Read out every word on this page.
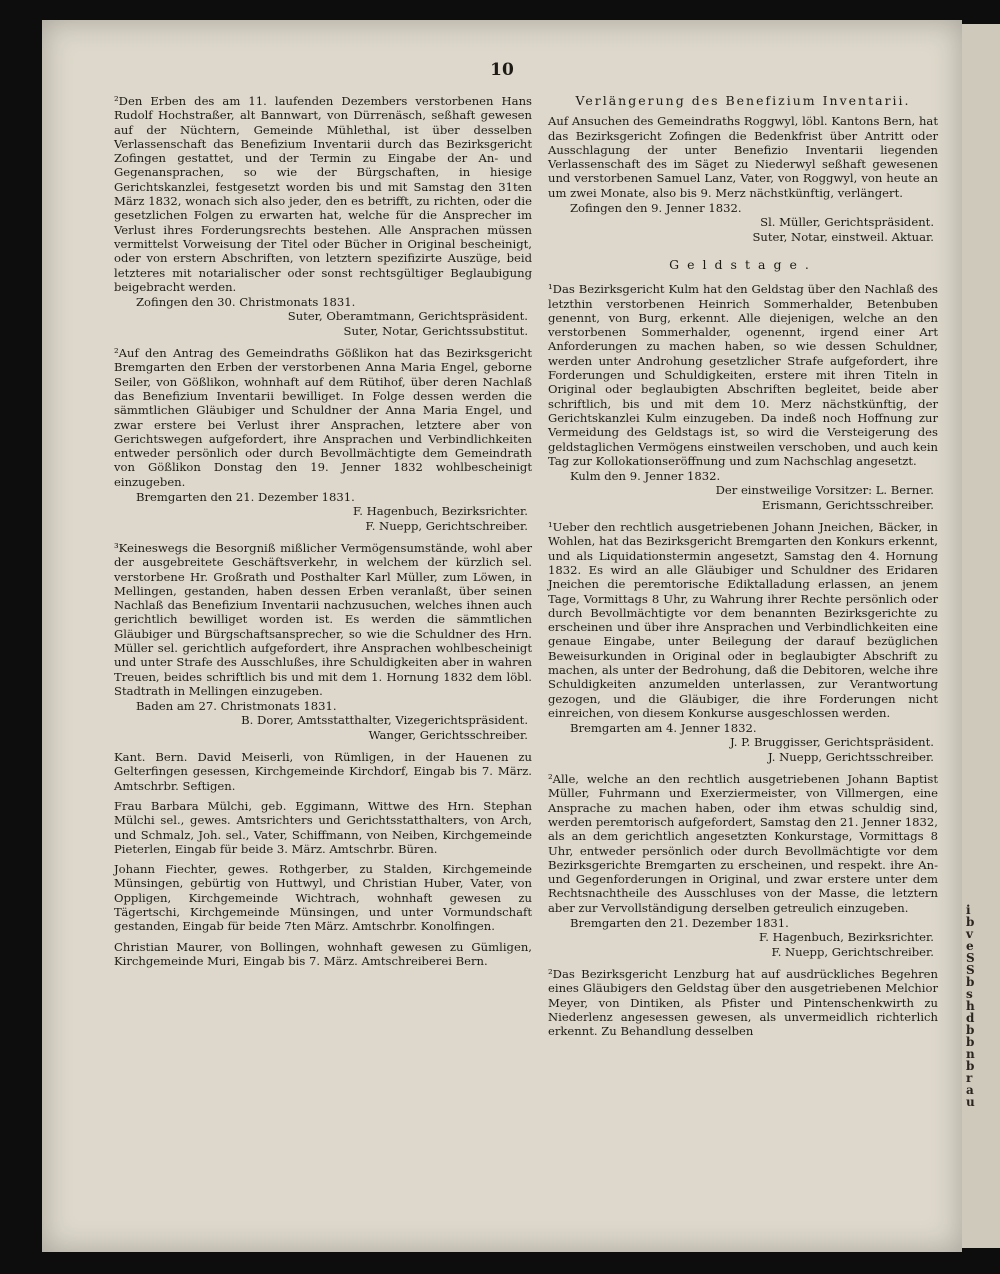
10
²Den Erben des am 11. laufenden Dezembers verstorbenen Hans Rudolf Hochstraßer, alt Bannwart, von Dürrenäsch, seßhaft gewesen auf der Nüchtern, Gemeinde Mühlethal, ist über desselben Verlassenschaft das Benefizium Inventarii durch das Bezirksgericht Zofingen gestattet, und der Termin zu Eingabe der An- und Gegenansprachen, so wie der Bürgschaften, in hiesige Gerichtskanzlei, festgesetzt worden bis und mit Samstag den 31ten März 1832, wonach sich also jeder, den es betrifft, zu richten, oder die gesetzlichen Folgen zu erwarten hat, welche für die Ansprecher im Verlust ihres Forderungsrechts bestehen. Alle Ansprachen müssen vermittelst Vorweisung der Titel oder Bücher in Original bescheinigt, oder von erstern Abschriften, von letztern spezifizirte Auszüge, beid letzteres mit notarialischer oder sonst rechtsgültiger Beglaubigung beigebracht werden.
Zofingen den 30. Christmonats 1831.
Suter, Oberamtmann, Gerichtspräsident.
Suter, Notar, Gerichtssubstitut.
²Auf den Antrag des Gemeindraths Gößlikon hat das Bezirksgericht Bremgarten den Erben der verstorbenen Anna Maria Engel, geborne Seiler, von Gößlikon, wohnhaft auf dem Rütihof, über deren Nachlaß das Benefizium Inventarii bewilliget. In Folge dessen werden die sämmtlichen Gläubiger und Schuldner der Anna Maria Engel, und zwar erstere bei Verlust ihrer Ansprachen, letztere aber von Gerichtswegen aufgefordert, ihre Ansprachen und Verbindlichkeiten entweder persönlich oder durch Bevollmächtigte dem Gemeindrath von Gößlikon Donstag den 19. Jenner 1832 wohlbescheinigt einzugeben.
Bremgarten den 21. Dezember 1831.
F. Hagenbuch, Bezirksrichter.
F. Nuepp, Gerichtschreiber.
³Keineswegs die Besorgniß mißlicher Vermögensumstände, wohl aber der ausgebreitete Geschäftsverkehr, in welchem der kürzlich sel. verstorbene Hr. Großrath und Posthalter Karl Müller, zum Löwen, in Mellingen, gestanden, haben dessen Erben veranlaßt, über seinen Nachlaß das Benefizium Inventarii nachzusuchen, welches ihnen auch gerichtlich bewilliget worden ist. Es werden die sämmtlichen Gläubiger und Bürgschaftsansprecher, so wie die Schuldner des Hrn. Müller sel. gerichtlich aufgefordert, ihre Ansprachen wohlbescheinigt und unter Strafe des Ausschlußes, ihre Schuldigkeiten aber in wahren Treuen, beides schriftlich bis und mit dem 1. Hornung 1832 dem löbl. Stadtrath in Mellingen einzugeben.
Baden am 27. Christmonats 1831.
B. Dorer, Amtsstatthalter, Vizegerichtspräsident.
Wanger, Gerichtsschreiber.
Kant. Bern. David Meiserli, von Rümligen, in der Hauenen zu Gelterfingen gesessen, Kirchgemeinde Kirchdorf, Eingab bis 7. März. Amtschrbr. Seftigen.
Frau Barbara Mülchi, geb. Eggimann, Wittwe des Hrn. Stephan Mülchi sel., gewes. Amtsrichters und Gerichtsstatthalters, von Arch, und Schmalz, Joh. sel., Vater, Schiffmann, von Neiben, Kirchgemeinde Pieterlen, Eingab für beide 3. März. Amtschrbr. Büren.
Johann Fiechter, gewes. Rothgerber, zu Stalden, Kirchgemeinde Münsingen, gebürtig von Huttwyl, und Christian Huber, Vater, von Oppligen, Kirchgemeinde Wichtrach, wohnhaft gewesen zu Tägertschi, Kirchgemeinde Münsingen, und unter Vormundschaft gestanden, Eingab für beide 7ten März. Amtschrbr. Konolfingen.
Christian Maurer, von Bollingen, wohnhaft gewesen zu Gümligen, Kirchgemeinde Muri, Eingab bis 7. März. Amtschreiberei Bern.
Verlängerung des Benefizium Inventarii.
Auf Ansuchen des Gemeindraths Roggwyl, löbl. Kantons Bern, hat das Bezirksgericht Zofingen die Bedenkfrist über Antritt oder Ausschlagung der unter Benefizio Inventarii liegenden Verlassenschaft des im Säget zu Niederwyl seßhaft gewesenen und verstorbenen Samuel Lanz, Vater, von Roggwyl, von heute an um zwei Monate, also bis 9. Merz nächstkünftig, verlängert.
Zofingen den 9. Jenner 1832.
Sl. Müller, Gerichtspräsident.
Suter, Notar, einstweil. Aktuar.
Geldstage.
¹Das Bezirksgericht Kulm hat den Geldstag über den Nachlaß des letzthin verstorbenen Heinrich Sommerhalder, Betenbuben genennt, von Burg, erkennt. Alle diejenigen, welche an den verstorbenen Sommerhalder, ogenennt, irgend einer Art Anforderungen zu machen haben, so wie dessen Schuldner, werden unter Androhung gesetzlicher Strafe aufgefordert, ihre Forderungen und Schuldigkeiten, erstere mit ihren Titeln in Original oder beglaubigten Abschriften begleitet, beide aber schriftlich, bis und mit dem 10. Merz nächstkünftig, der Gerichtskanzlei Kulm einzugeben. Da indeß noch Hoffnung zur Vermeidung des Geldstags ist, so wird die Versteigerung des geldstaglichen Vermögens einstweilen verschoben, und auch kein Tag zur Kollokationseröffnung und zum Nachschlag angesetzt.
Kulm den 9. Jenner 1832.
Der einstweilige Vorsitzer: L. Berner.
Erismann, Gerichtsschreiber.
¹Ueber den rechtlich ausgetriebenen Johann Jneichen, Bäcker, in Wohlen, hat das Bezirksgericht Bremgarten den Konkurs erkennt, und als Liquidationstermin angesetzt, Samstag den 4. Hornung 1832. Es wird an alle Gläubiger und Schuldner des Eridaren Jneichen die peremtorische Ediktalladung erlassen, an jenem Tage, Vormittags 8 Uhr, zu Wahrung ihrer Rechte persönlich oder durch Bevollmächtigte vor dem benannten Bezirksgerichte zu erscheinen und über ihre Ansprachen und Verbindlichkeiten eine genaue Eingabe, unter Beilegung der darauf bezüglichen Beweisurkunden in Original oder in beglaubigter Abschrift zu machen, als unter der Bedrohung, daß die Debitoren, welche ihre Schuldigkeiten anzumelden unterlassen, zur Verantwortung gezogen, und die Gläubiger, die ihre Forderungen nicht einreichen, von diesem Konkurse ausgeschlossen werden.
Bremgarten am 4. Jenner 1832.
J. P. Bruggisser, Gerichtspräsident.
J. Nuepp, Gerichtsschreiber.
²Alle, welche an den rechtlich ausgetriebenen Johann Baptist Müller, Fuhrmann und Exerziermeister, von Villmergen, eine Ansprache zu machen haben, oder ihm etwas schuldig sind, werden peremtorisch aufgefordert, Samstag den 21. Jenner 1832, als an dem gerichtlich angesetzten Konkurstage, Vormittags 8 Uhr, entweder persönlich oder durch Bevollmächtigte vor dem Bezirksgerichte Bremgarten zu erscheinen, und respekt. ihre An- und Gegenforderungen in Original, und zwar erstere unter dem Rechtsnachtheile des Ausschluses von der Masse, die letztern aber zur Vervollständigung derselben getreulich einzugeben.
Bremgarten den 21. Dezember 1831.
F. Hagenbuch, Bezirksrichter.
F. Nuepp, Gerichtschreiber.
²Das Bezirksgericht Lenzburg hat auf ausdrückliches Begehren eines Gläubigers den Geldstag über den ausgetriebenen Melchior Meyer, von Dintiken, als Pfister und Pintenschenkwirth zu Niederlenz angesessen gewesen, als unvermeidlich richterlich erkennt. Zu Behandlung desselben
i
b
v
e
S
S
b
s
h
d
b
b
n
b
r
a
u
